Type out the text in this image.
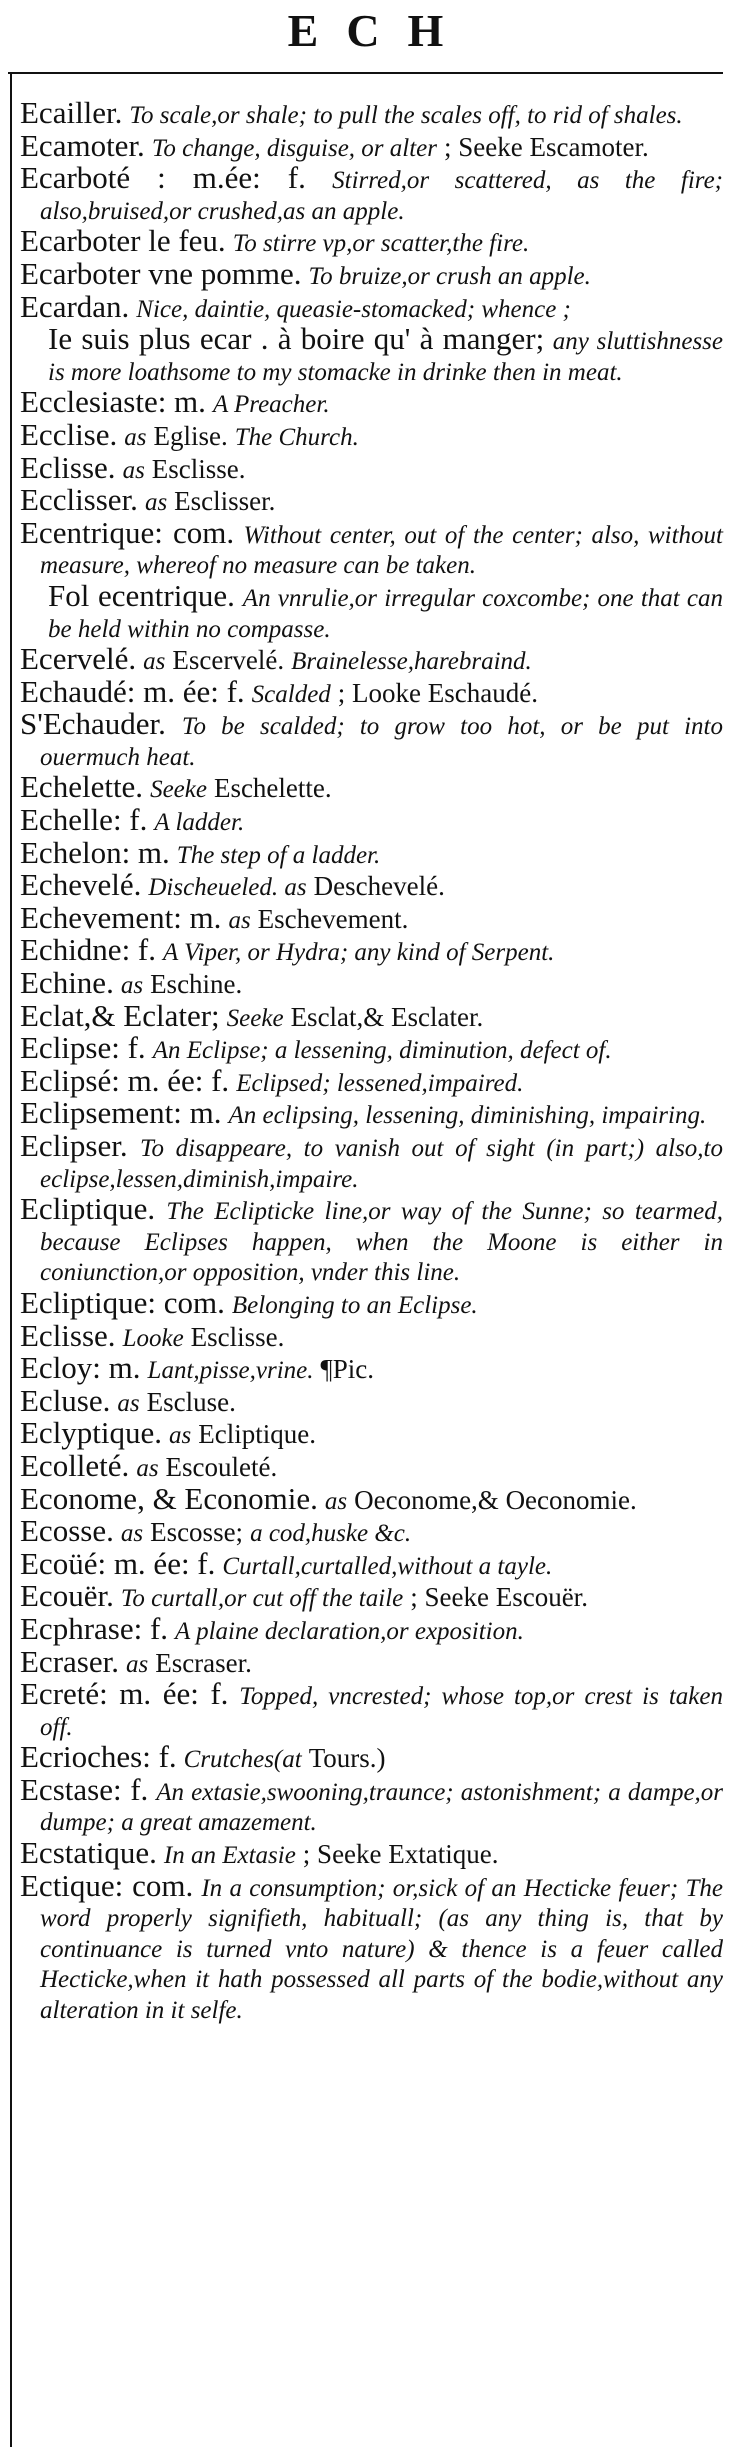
ECH

Ecailler. To scale,or shale; to pull the scales off, to rid of shales.

Ecamoter. To change, disguise, or alter ; Seeke Escamoter.

Ecarboté : m.ée: f. Stirred,or scattered, as the fire; also,bruised,or crushed,as an apple.

Ecarboter le feu. To stirre vp,or scatter,the fire.

Ecarboter vne pomme. To bruize,or crush an apple.

Ecardan. Nice, daintie, queasie-stomacked; whence ;

Ie suis plus ecar . à boire qu' à manger; any sluttishnesse is more loathsome to my stomacke in drinke then in meat.

Ecclesiaste: m. A Preacher.

Ecclise. as Eglise. The Church.

Eclisse. as Esclisse.

Ecclisser. as Esclisser.

Ecentrique: com. Without center, out of the center; also, without measure, whereof no measure can be taken.

Fol ecentrique. An vnrulie,or irregular coxcombe; one that can be held within no compasse.

Ecervelé. as Escervelé. Brainelesse,harebraind.

Echaudé: m. ée: f. Scalded ; Looke Eschaudé.

S'Echauder. To be scalded; to grow too hot, or be put into ouermuch heat.

Echelette. Seeke Eschelette.

Echelle: f. A ladder.

Echelon: m. The step of a ladder.

Echevelé. Discheueled. as Deschevelé.

Echevement: m. as Eschevement.

Echidne: f. A Viper, or Hydra; any kind of Serpent.

Echine. as Eschine.

Eclat,& Eclater; Seeke Esclat,& Esclater.

Eclipse: f. An Eclipse; a lessening, diminution, defect of.

Eclipsé: m. ée: f. Eclipsed; lessened,impaired.

Eclipsement: m. An eclipsing, lessening, diminishing, impairing.

Eclipser. To disappeare, to vanish out of sight (in part;) also,to eclipse,lessen,diminish,impaire.

Ecliptique. The Eclipticke line,or way of the Sunne; so tearmed, because Eclipses happen, when the Moone is either in coniunction,or opposition, vnder this line.

Ecliptique: com. Belonging to an Eclipse.

Eclisse. Looke Esclisse.

Ecloy: m. Lant,pisse,vrine. ¶Pic.

Ecluse. as Escluse.

Eclyptique. as Ecliptique.

Ecolleté. as Escouleté.

Econome, & Economie. as Oeconome,& Oeconomie.

Ecosse. as Escosse; a cod,huske &c.

Ecoüé: m. ée: f. Curtall,curtalled,without a tayle.

Ecouër. To curtall,or cut off the taile ; Seeke Escouër.

Ecphrase: f. A plaine declaration,or exposition.

Ecraser. as Escraser.

Ecreté: m. ée: f. Topped, vncrested; whose top,or crest is taken off.

Ecrioches: f. Crutches(at Tours.)

Ecstase: f. An extasie,swooning,traunce; astonishment; a dampe,or dumpe; a great amazement.

Ecstatique. In an Extasie ; Seeke Extatique.

Ectique: com. In a consumption; or,sick of an Hecticke feuer; The word properly signifieth, habituall; (as any thing is, that by continuance is turned vnto nature) & thence is a feuer called Hecticke,when it hath possessed all parts of the bodie,without any alteration in it selfe.
